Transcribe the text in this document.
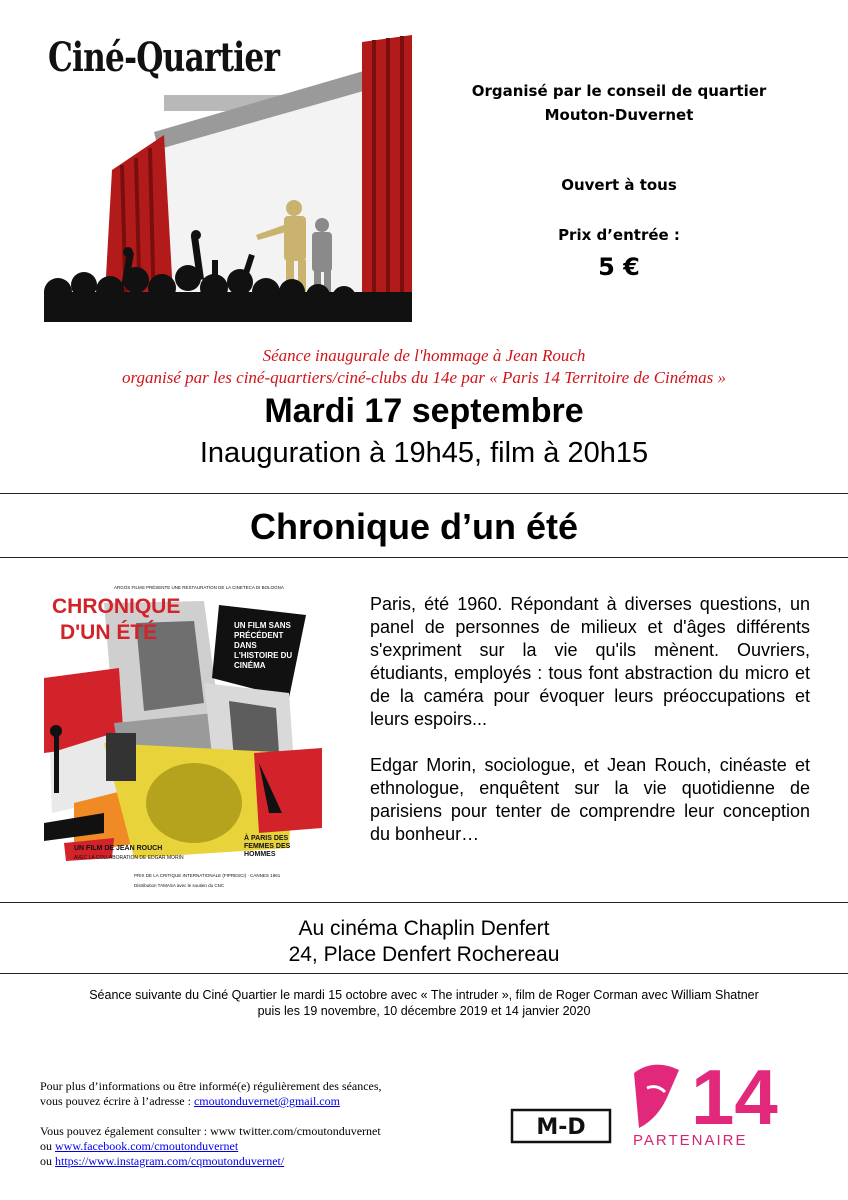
Ciné-Quartier
Organisé par le conseil de quartier
Mouton-Duvernet
Ouvert à tous
Prix d’entrée :
5 €
Séance inaugurale de l'hommage à Jean Rouch
organisé par les ciné-quartiers/ciné-clubs du 14e par « Paris 14 Territoire de Cinémas »
Mardi 17 septembre
Inauguration à 19h45, film à 20h15
Chronique d’un été
CHRONIQUE
D'UN ÉTÉ
ARGOS FILMS PRÉSENTE UNE RESTAURATION DE LA CINETECA DI BOLOGNA
UN FILM SANS PRÉCÉDENT DANS L'HISTOIRE DU CINÉMA
À PARIS DES FEMMES DES HOMMES
UN FILM DE JEAN ROUCH
AVEC LA COLLABORATION DE EDGAR MORIN
PRIX DE LA CRITIQUE INTERNATIONALE (FIPRESCI) · CANNES 1961
Distribution TAMASA avec le soutien du CNC

Paris, été 1960. Répondant à diverses questions, un panel de personnes de milieux et d'âges différents s'expriment sur la vie qu'ils mènent. Ouvriers, étudiants, employés : tous font abstraction du micro et de la caméra pour évoquer leurs préoccupations et leurs espoirs...

Edgar Morin, sociologue, et Jean Rouch, cinéaste et ethnologue, enquêtent sur la vie quotidienne de parisiens pour tenter de comprendre leur conception du bonheur…

Au cinéma Chaplin Denfert
24, Place Denfert Rochereau
Séance suivante du Ciné Quartier le mardi 15 octobre avec « The intruder », film de Roger Corman avec William Shatner
puis les 19 novembre, 10 décembre 2019 et 14 janvier 2020
Pour plus d’informations ou être informé(e) régulièrement des séances,
vous pouvez écrire à l’adresse : cmoutonduvernet@gmail.com
Vous pouvez également consulter : www twitter.com/cmoutonduvernet
ou www.facebook.com/cmoutonduvernet
ou https://www.instagram.com/cqmoutonduvernet/
M-D 14
PARTENAIRE
